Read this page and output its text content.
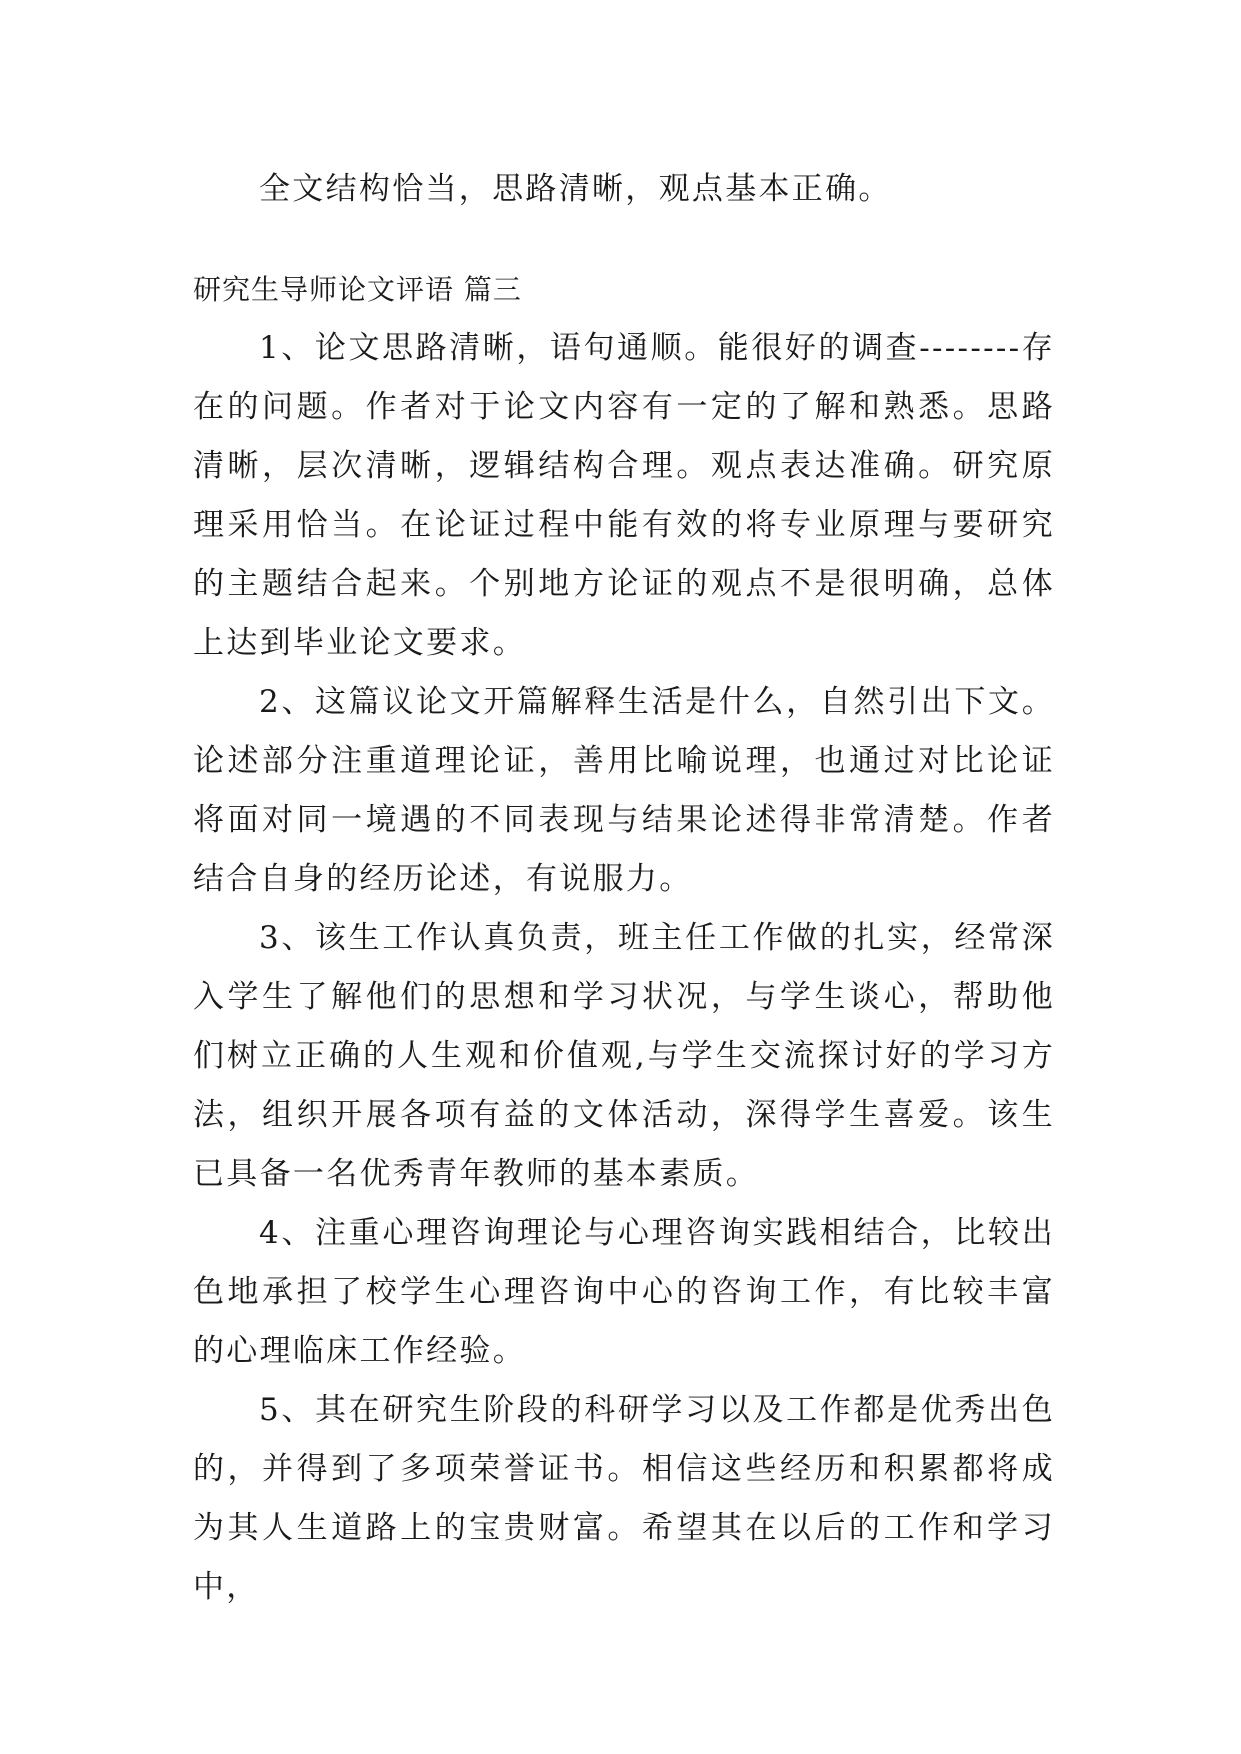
全文结构恰当，思路清晰，观点基本正确。

研究生导师论文评语 篇三

1、论文思路清晰，语句通顺。能很好的调查--------存在的问题。作者对于论文内容有一定的了解和熟悉。思路清晰，层次清晰，逻辑结构合理。观点表达准确。研究原理采用恰当。在论证过程中能有效的将专业原理与要研究的主题结合起来。个别地方论证的观点不是很明确，总体上达到毕业论文要求。

2、这篇议论文开篇解释生活是什么，自然引出下文。论述部分注重道理论证，善用比喻说理，也通过对比论证将面对同一境遇的不同表现与结果论述得非常清楚。作者结合自身的经历论述，有说服力。

3、该生工作认真负责，班主任工作做的扎实，经常深入学生了解他们的思想和学习状况，与学生谈心，帮助他们树立正确的人生观和价值观,与学生交流探讨好的学习方法，组织开展各项有益的文体活动，深得学生喜爱。该生已具备一名优秀青年教师的基本素质。

4、注重心理咨询理论与心理咨询实践相结合，比较出色地承担了校学生心理咨询中心的咨询工作，有比较丰富的心理临床工作经验。

5、其在研究生阶段的科研学习以及工作都是优秀出色的，并得到了多项荣誉证书。相信这些经历和积累都将成为其人生道路上的宝贵财富。希望其在以后的工作和学习中，
